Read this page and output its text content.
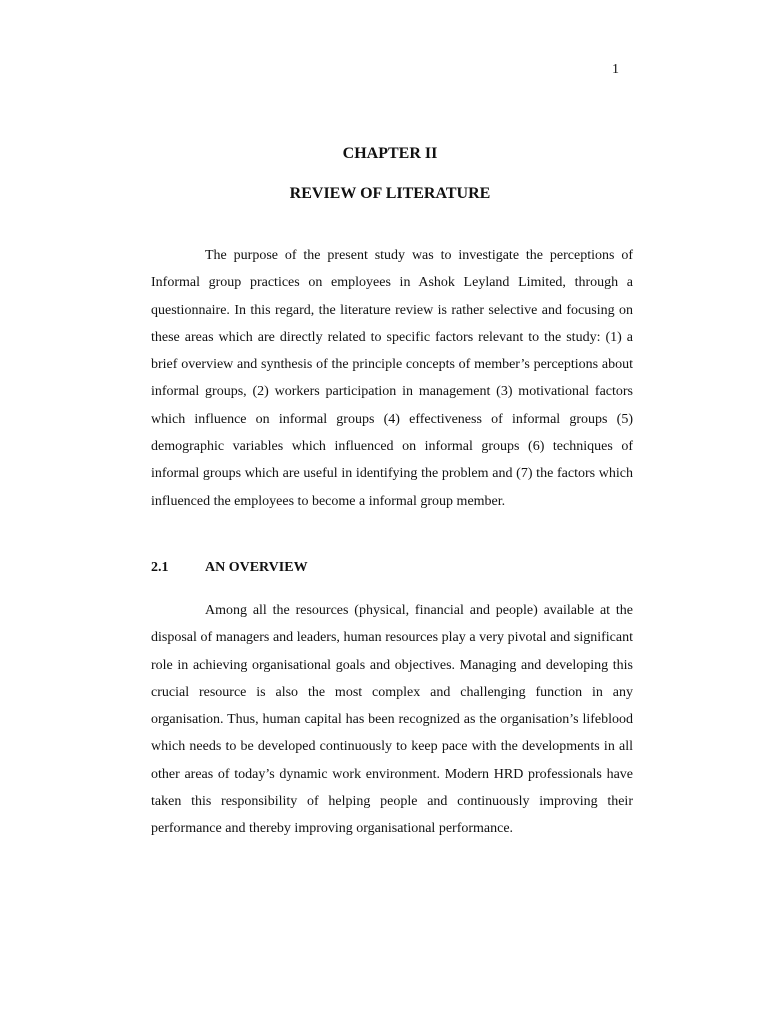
1
CHAPTER II
REVIEW OF LITERATURE

The purpose of the present study was to investigate the perceptions of Informal group practices on employees in Ashok Leyland Limited, through a questionnaire. In this regard, the literature review is rather selective and focusing on these areas which are directly related to specific factors relevant to the study: (1) a brief overview and synthesis of the principle concepts of member’s perceptions about informal groups, (2) workers participation in management (3) motivational factors which influence on informal groups (4) effectiveness of informal groups (5) demographic variables which influenced on informal groups (6) techniques of informal groups which are useful in identifying the problem and (7) the factors which influenced the employees to become a informal group member.

2.1	AN OVERVIEW

Among all the resources (physical, financial and people) available at the disposal of managers and leaders, human resources play a very pivotal and significant role in achieving organisational goals and objectives. Managing and developing this crucial resource is also the most complex and challenging function in any organisation. Thus, human capital has been recognized as the organisation’s lifeblood which needs to be developed continuously to keep pace with the developments in all other areas of today’s dynamic work environment. Modern HRD professionals have taken this responsibility of helping people and continuously improving their performance and thereby improving organisational performance.
